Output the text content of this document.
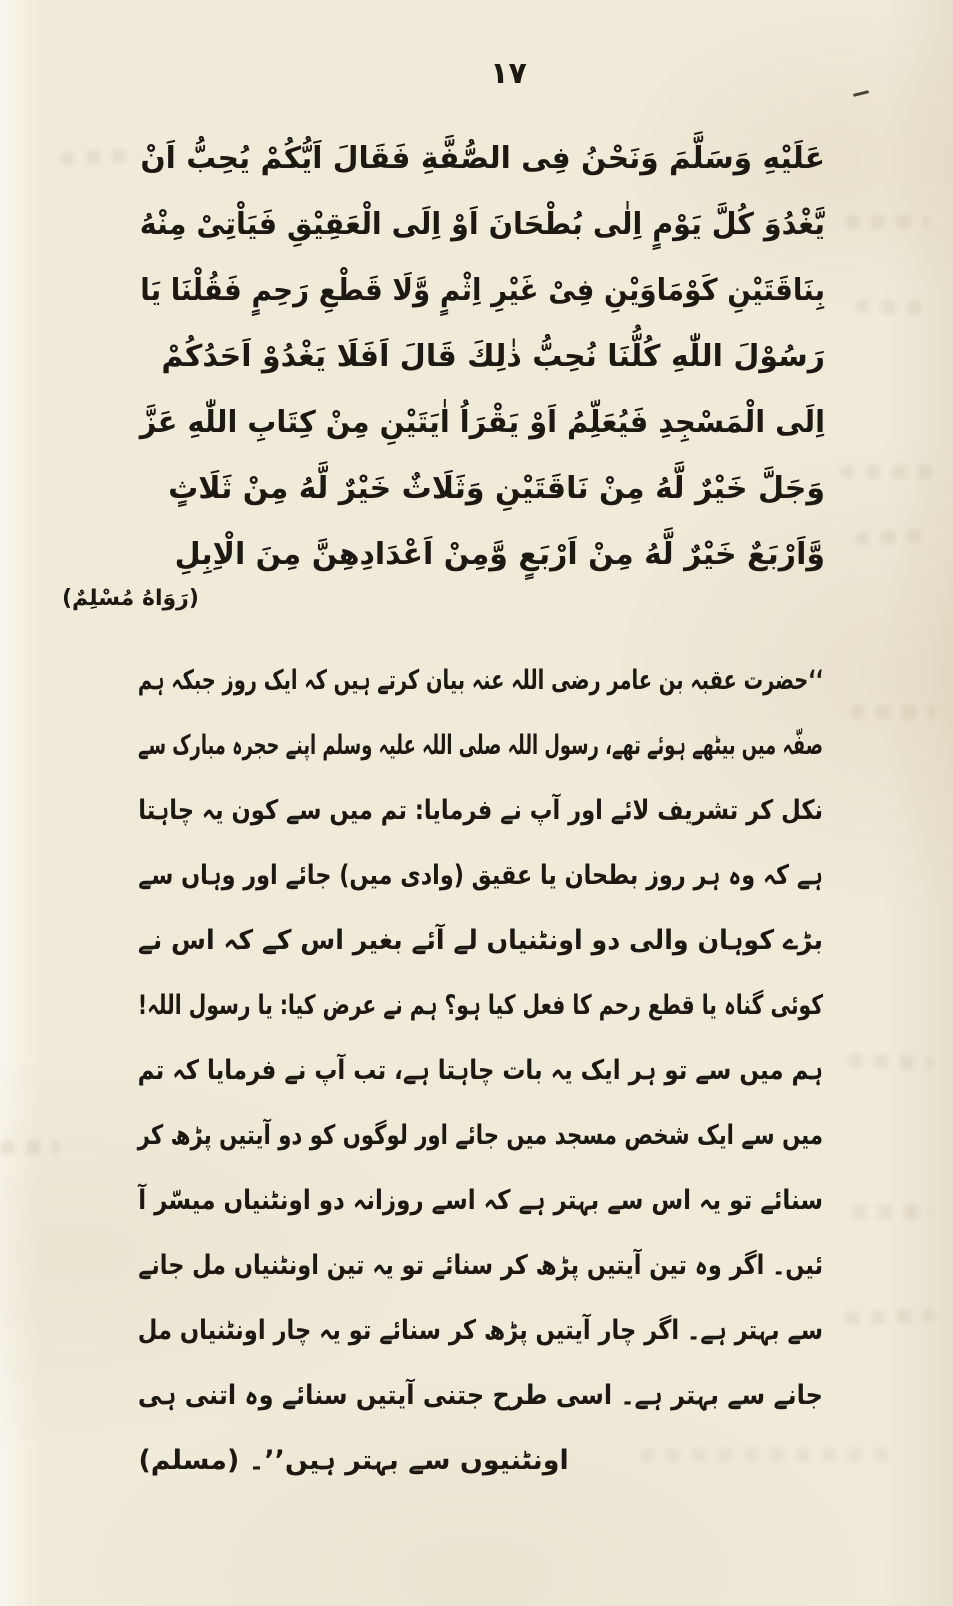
۱۷
عَلَيْهِ وَسَلَّمَ وَنَحْنُ فِى الصُّفَّةِ فَقَالَ اَيُّكُمْ يُحِبُّ اَنْ
يَّغْدُوَ كُلَّ يَوْمٍ اِلٰى بُطْحَانَ اَوْ اِلَى الْعَقِيْقِ فَيَاْتِىْ مِنْهُ
بِنَاقَتَيْنِ كَوْمَاوَيْنِ فِىْ غَيْرِ اِثْمٍ وَّلَا قَطْعِ رَحِمٍ فَقُلْنَا يَا
رَسُوْلَ اللّٰهِ كُلُّنَا نُحِبُّ ذٰلِكَ قَالَ اَفَلَا يَغْدُوْ اَحَدُكُمْ
اِلَى الْمَسْجِدِ فَيُعَلِّمُ اَوْ يَقْرَاُ اٰيَتَيْنِ مِنْ كِتَابِ اللّٰهِ عَزَّ
وَجَلَّ خَيْرٌ لَّهُ مِنْ نَاقَتَيْنِ وَثَلَاثٌ خَيْرٌ لَّهُ مِنْ ثَلَاثٍ
وَّاَرْبَعٌ خَيْرٌ لَّهُ مِنْ اَرْبَعٍ وَّمِنْ اَعْدَادِهِنَّ مِنَ الْاِبِلِ
(رَوَاهُ مُسْلِمٌ)
‘‘حضرت عقبہ بن عامر رضی اللہ عنہ بیان کرتے ہیں کہ ایک روز جبکہ ہم
صفّہ میں بیٹھے ہوئے تھے، رسول اللہ صلی اللہ علیہ وسلم اپنے حجرہ مبارک سے
نکل کر تشریف لائے اور آپ نے فرمایا: تم میں سے کون یہ چاہتا
ہے کہ وہ ہر روز بطحان یا عقیق (وادی میں) جائے اور وہاں سے
بڑے کوہان والی دو اونٹنیاں لے آئے بغیر اس کے کہ اس نے
کوئی گناہ یا قطع رحم کا فعل کیا ہو؟ ہم نے عرض کیا: یا رسول اللہ!
ہم میں سے تو ہر ایک یہ بات چاہتا ہے، تب آپ نے فرمایا کہ تم
میں سے ایک شخص مسجد میں جائے اور لوگوں کو دو آیتیں پڑھ کر
سنائے تو یہ اس سے بہتر ہے کہ اسے روزانہ دو اونٹنیاں میسّر آ
ئیں۔ اگر وہ تین آیتیں پڑھ کر سنائے تو یہ تین اونٹنیاں مل جانے
سے بہتر ہے۔ اگر چار آیتیں پڑھ کر سنائے تو یہ چار اونٹنیاں مل
جانے سے بہتر ہے۔ اسی طرح جتنی آیتیں سنائے وہ اتنی ہی
اونٹنیوں سے بہتر ہیں’’۔ (مسلم)
